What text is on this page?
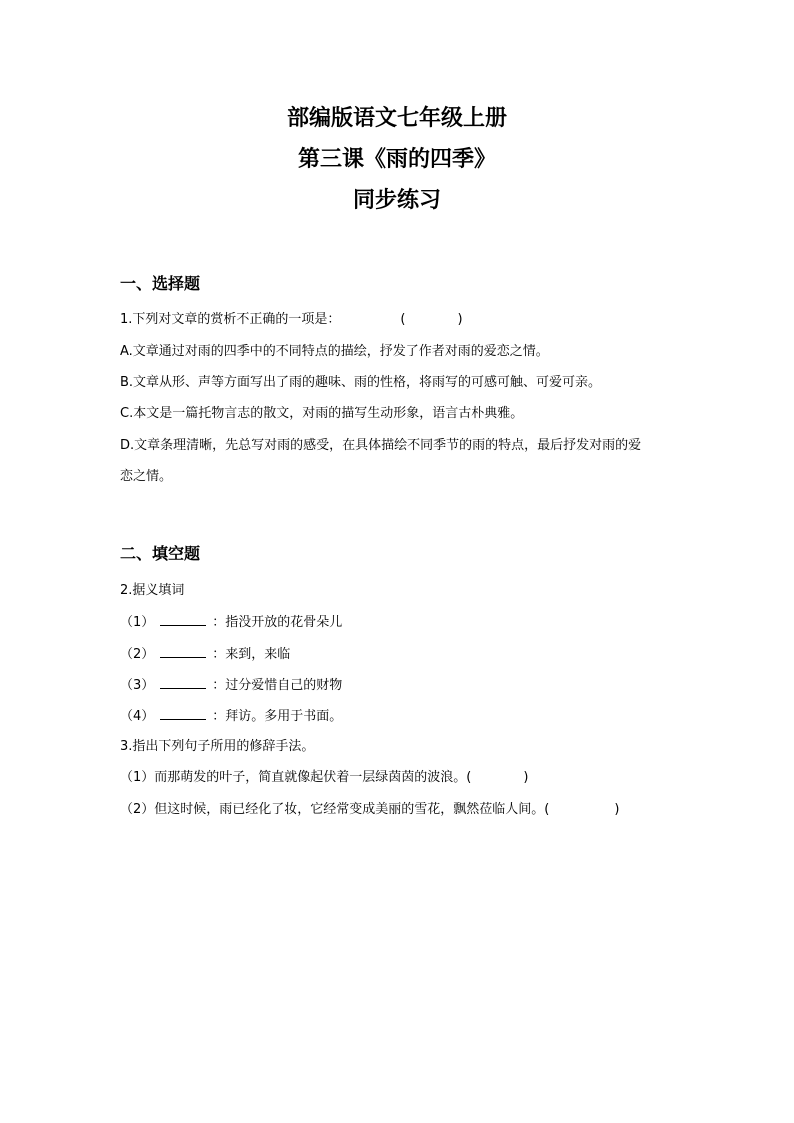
部编版语文七年级上册
第三课《雨的四季》
同步练习
一、选择题

1.下列对文章的赏析不正确的一项是：	(　　　　)

A.文章通过对雨的四季中的不同特点的描绘，抒发了作者对雨的爱恋之情。

B.文章从形、声等方面写出了雨的趣味、雨的性格，将雨写的可感可触、可爱可亲。

C.本文是一篇托物言志的散文，对雨的描写生动形象，语言古朴典雅。

D.文章条理清晰，先总写对雨的感受，在具体描绘不同季节的雨的特点，最后抒发对雨的爱

恋之情。

二、填空题

2.据义填词

（1）	：指没开放的花骨朵儿

（2）	：来到，来临

（3）	：过分爱惜自己的财物

（4）	：拜访。多用于书面。

3.指出下列句子所用的修辞手法。

（1）而那萌发的叶子，简直就像起伏着一层绿茵茵的波浪。(　　　　)

（2）但这时候，雨已经化了妆，它经常变成美丽的雪花，飘然莅临人间。(　　　　　)
